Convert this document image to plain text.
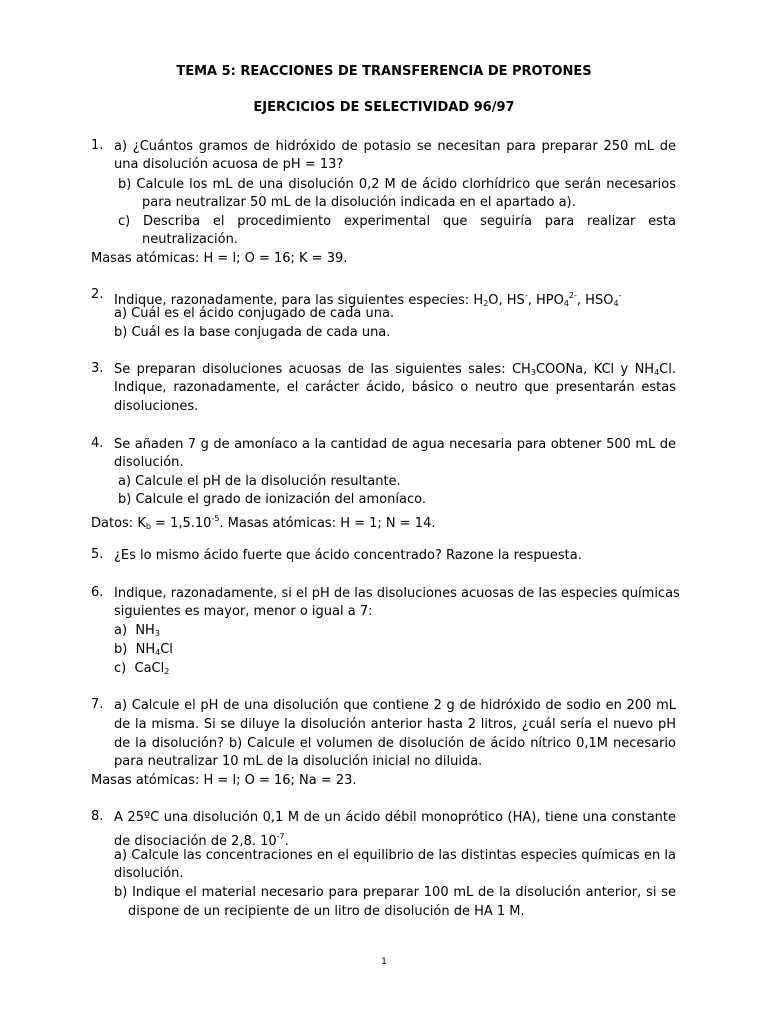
TEMA 5: REACCIONES DE TRANSFERENCIA DE PROTONES
EJERCICIOS DE SELECTIVIDAD 96/97
1. a) ¿Cuántos gramos de hidróxido de potasio se necesitan para preparar 250 mL de
una disolución acuosa de pH = 13?
b) Calcule los mL de una disolución 0,2 M de ácido clorhídrico que serán necesarios
para neutralizar 50 mL de la disolución indicada en el apartado a).
c) Describa el procedimiento experimental que seguiría para realizar esta
neutralización.
Masas atómicas: H = l; O = 16; K = 39.
2. Indique, razonadamente, para las siguientes especies: $H_2O$, HS-, $HPO_4^{2-}$, $HSO_4^-$
a) Cuál es el ácido conjugado de cada una.
b) Cuál es la base conjugada de cada una.
3. Se preparan disoluciones acuosas de las siguientes sales: $CH_3COONa$, KCl y $NH_4Cl$.
Indique, razonadamente, el carácter ácido, básico o neutro que presentarán estas
disoluciones.
4. Se añaden 7 g de amoníaco a la cantidad de agua necesaria para obtener 500 mL de
disolución.
a) Calcule el pH de la disolución resultante.
b) Calcule el grado de ionización del amoníaco.
Datos: $K_b = 1,5.10^{-5}$. Masas atómicas: H = 1; N = 14.
5. ¿Es lo mismo ácido fuerte que ácido concentrado? Razone la respuesta.
6. Indique, razonadamente, si el pH de las disoluciones acuosas de las especies químicas
siguientes es mayor, menor o igual a 7:
a) $NH_3$
b) $NH_4Cl$
c) CaCl$_2$
7. a) Calcule el pH de una disolución que contiene 2 g de hidróxido de sodio en 200 mL
de la misma. Si se diluye la disolución anterior hasta 2 litros, ¿cuál sería el nuevo pH
de la disolución? b) Calcule el volumen de disolución de ácido nítrico 0,1M necesario
para neutralizar 10 mL de la disolución inicial no diluida.
Masas atómicas: H = l; O = 16; Na = 23.
8. A 25ºC una disolución 0,1 M de un ácido débil monoprótico (HA), tiene una constante
de disociación de 2,8. $10^{-7}$.
a) Calcule las concentraciones en el equilibrio de las distintas especies químicas en la
disolución.
b) Indique el material necesario para preparar 100 mL de la disolución anterior, si se
dispone de un recipiente de un litro de disolución de HA 1 M.
1
